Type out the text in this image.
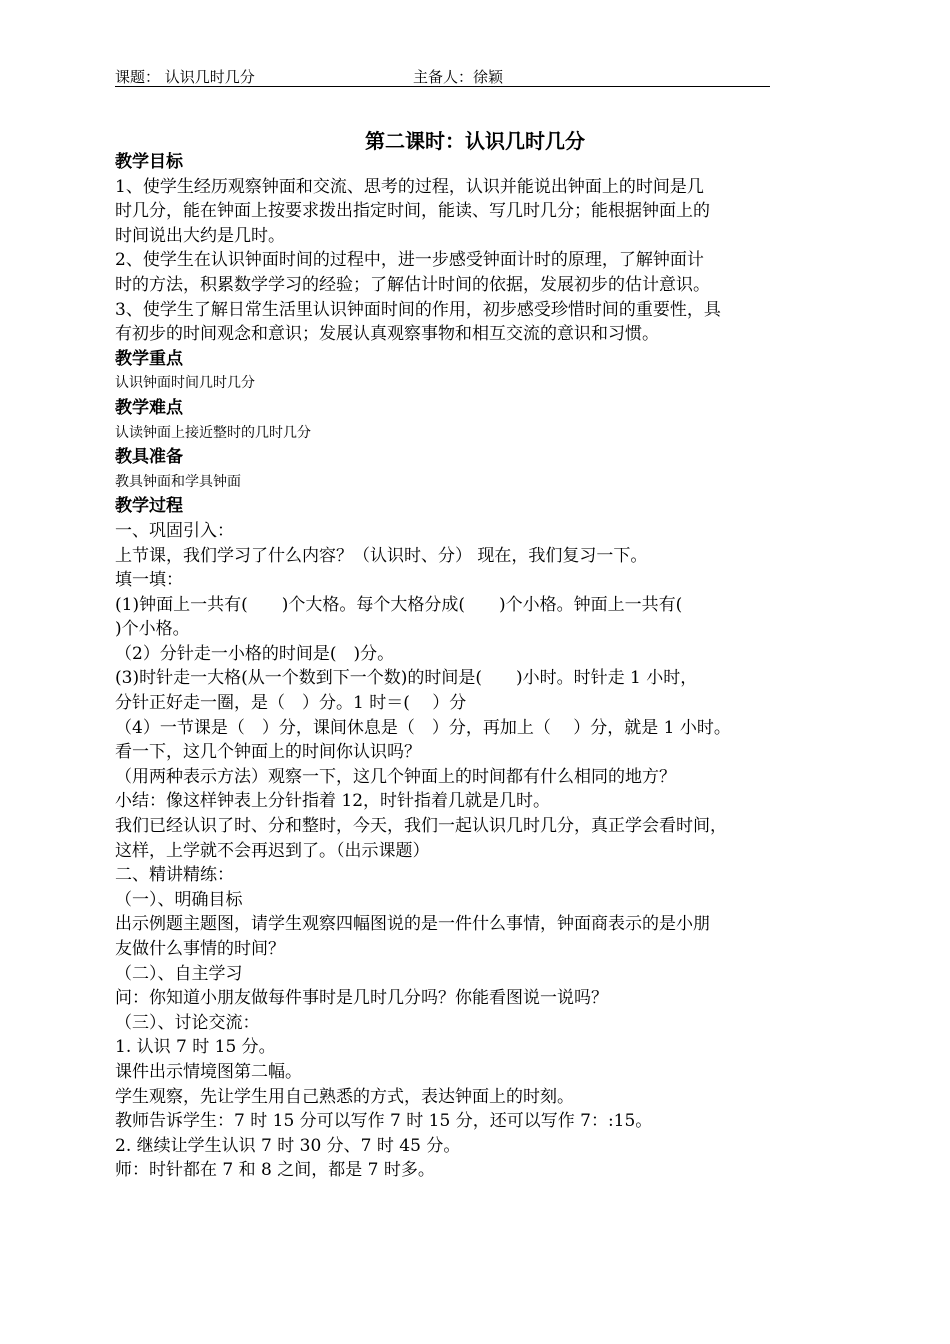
课题： 认识几时几分	主备人：徐颖
第二课时：认识几时几分
教学目标
1、使学生经历观察钟面和交流、思考的过程，认识并能说出钟面上的时间是几
时几分，能在钟面上按要求拨出指定时间，能读、写几时几分；能根据钟面上的
时间说出大约是几时。
2、使学生在认识钟面时间的过程中，进一步感受钟面计时的原理，了解钟面计
时的方法，积累数学学习的经验；了解估计时间的依据，发展初步的估计意识。
3、使学生了解日常生活里认识钟面时间的作用，初步感受珍惜时间的重要性，具
有初步的时间观念和意识；发展认真观察事物和相互交流的意识和习惯。
教学重点
认识钟面时间几时几分
教学难点
认读钟面上接近整时的几时几分
教具准备
教具钟面和学具钟面
教学过程
一、巩固引入：
上节课，我们学习了什么内容？（认识时、分） 现在，我们复习一下。
填一填：
(1)钟面上一共有(　　)个大格。每个大格分成(　　)个小格。钟面上一共有(
)个小格。
（2）分针走一小格的时间是(　)分。
(3)时针走一大格(从一个数到下一个数)的时间是(　　)小时。时针走 1 小时，
分针正好走一圈，是（　）分。1 时＝(　 ）分
（4）一节课是（　）分，课间休息是（　）分，再加上（　 ）分，就是 1 小时。
看一下，这几个钟面上的时间你认识吗？
（用两种表示方法）观察一下，这几个钟面上的时间都有什么相同的地方？
小结：像这样钟表上分针指着 12，时针指着几就是几时。
我们已经认识了时、分和整时，今天，我们一起认识几时几分，真正学会看时间，
这样，上学就不会再迟到了。（出示课题）
二、精讲精练：
（一）、明确目标
出示例题主题图，请学生观察四幅图说的是一件什么事情，钟面商表示的是小朋
友做什么事情的时间？
（二）、自主学习
问：你知道小朋友做每件事时是几时几分吗？你能看图说一说吗？
（三）、讨论交流：
1. 认识 7 时 15 分。
课件出示情境图第二幅。
学生观察，先让学生用自己熟悉的方式，表达钟面上的时刻。
教师告诉学生：7 时 15 分可以写作 7 时 15 分，还可以写作 7：:15。
2. 继续让学生认识 7 时 30 分、7 时 45 分。
师：时针都在 7 和 8 之间，都是 7 时多。
